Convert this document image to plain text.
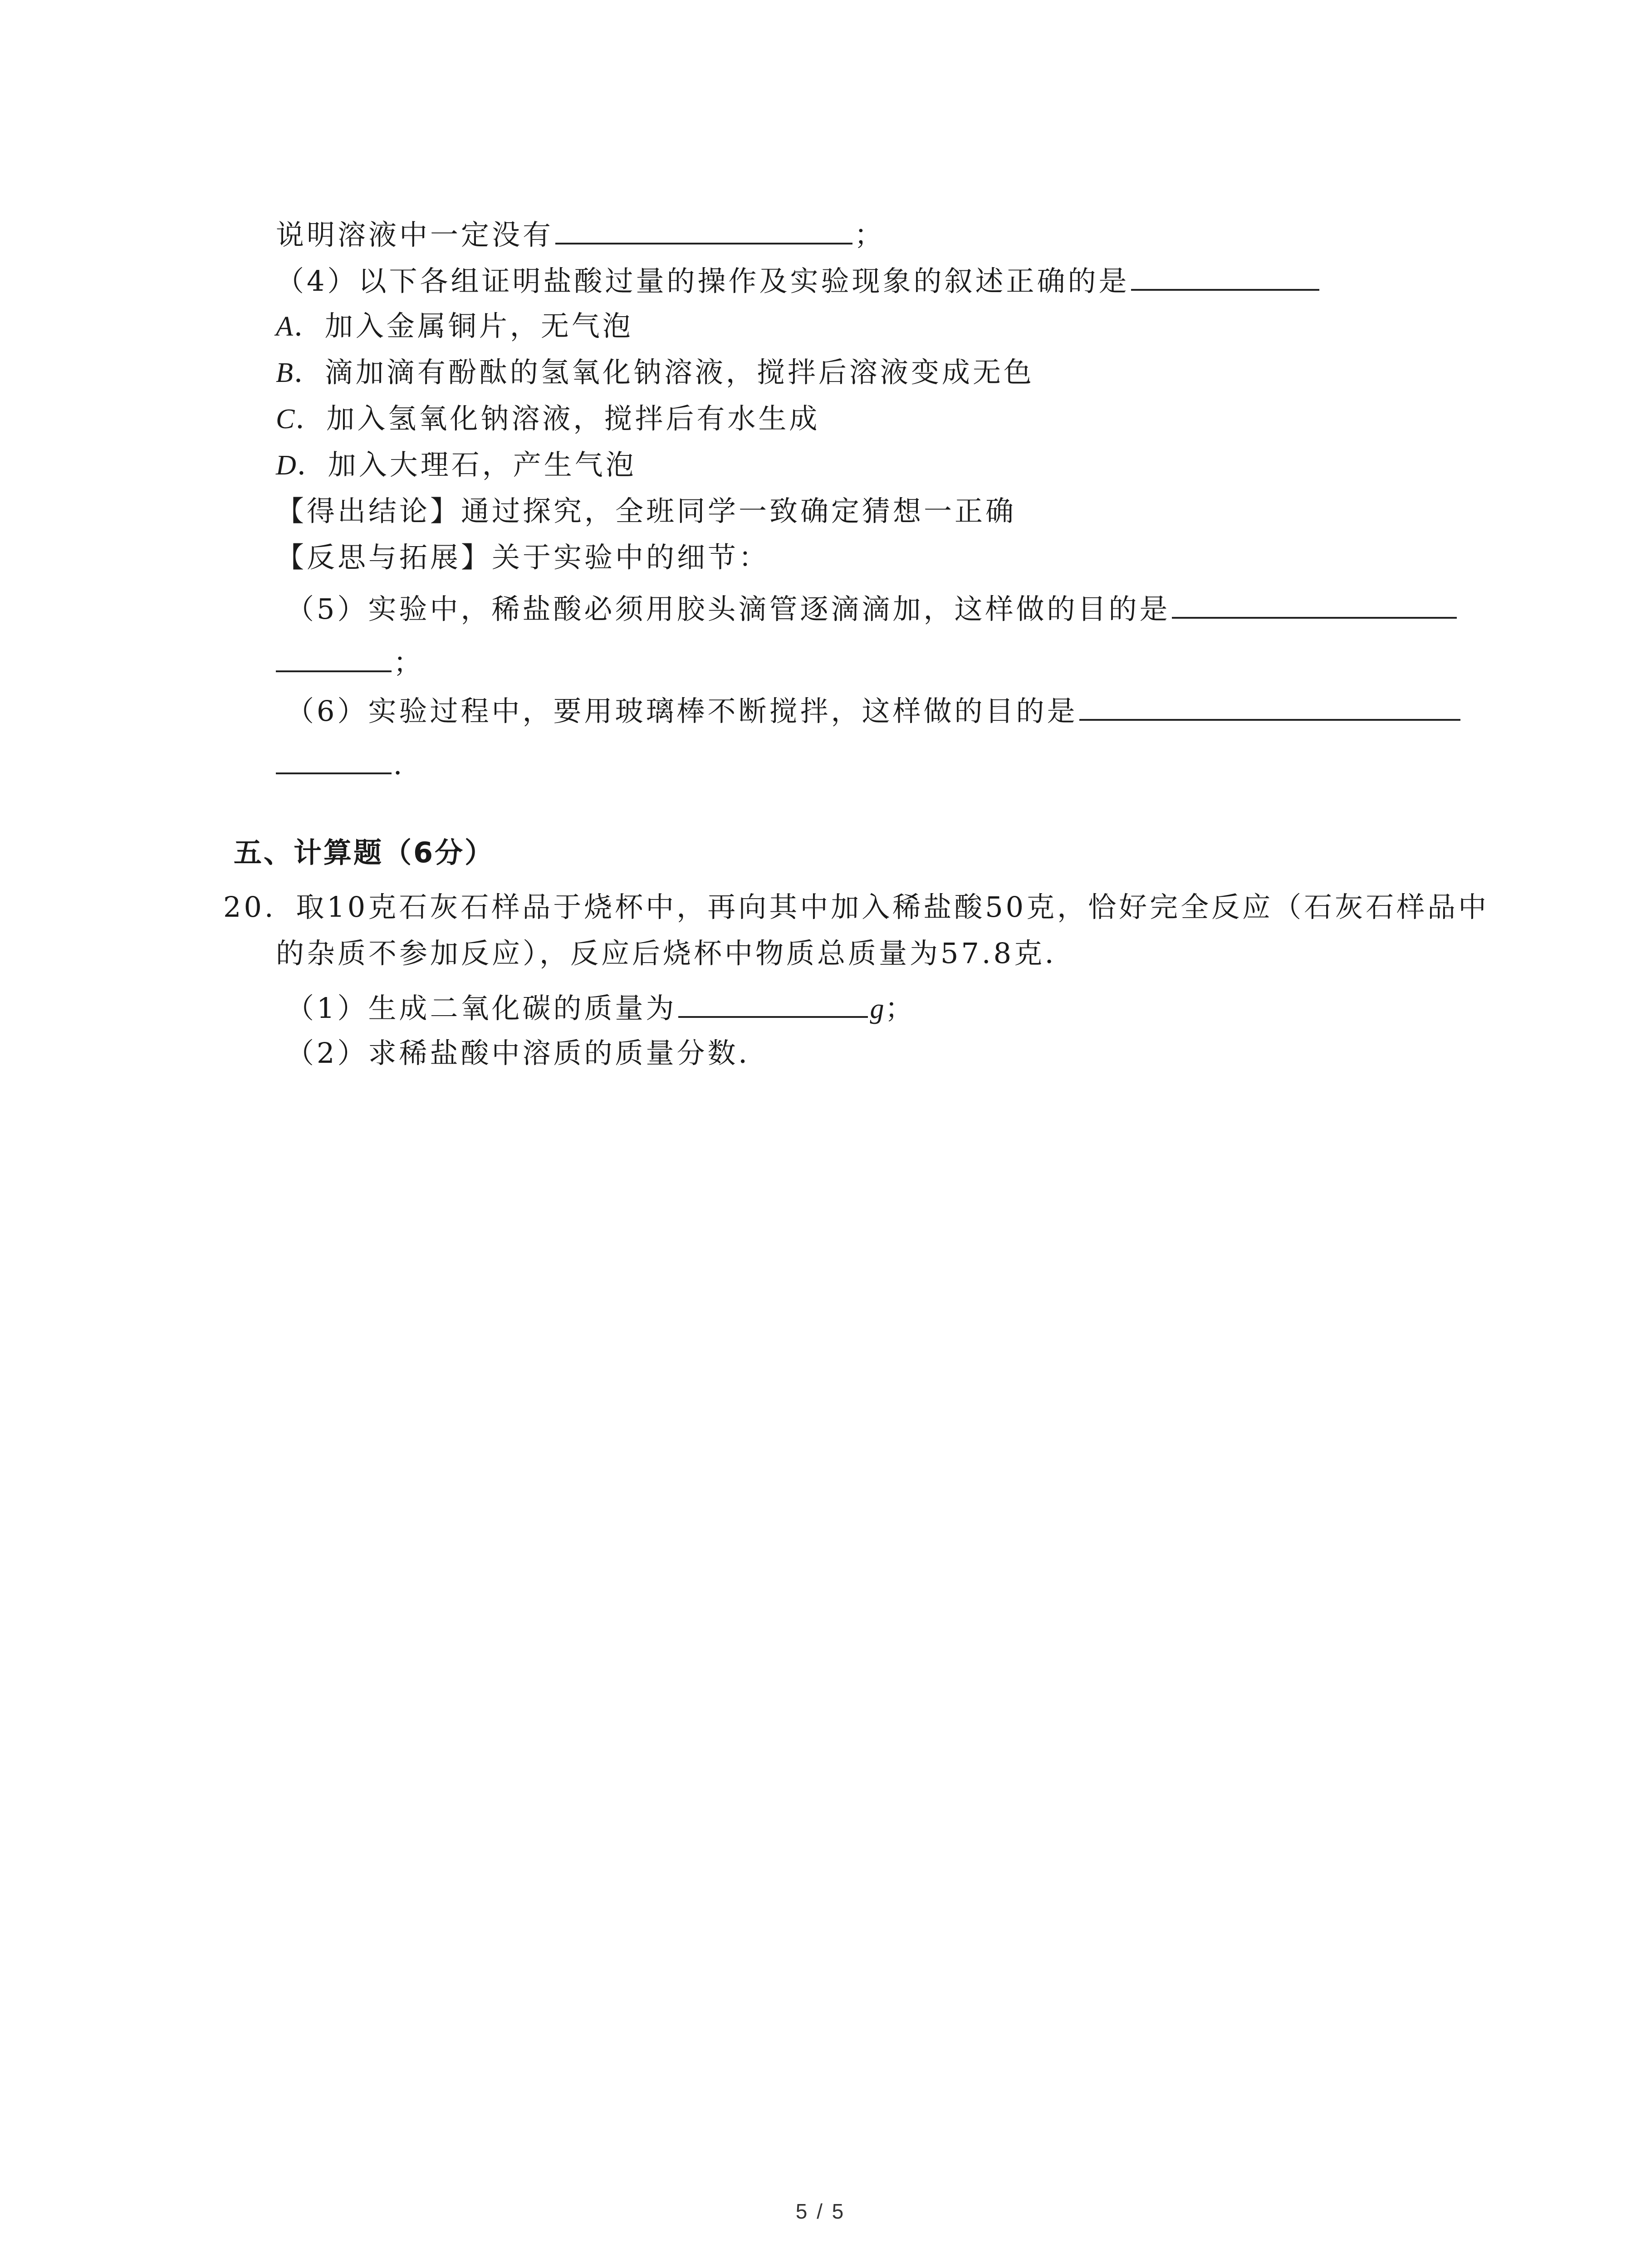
说明溶液中一定没有	；
（4）以下各组证明盐酸过量的操作及实验现象的叙述正确的是
A．加入金属铜片，无气泡
B．滴加滴有酚酞的氢氧化钠溶液，搅拌后溶液变成无色
C．加入氢氧化钠溶液，搅拌后有水生成
D．加入大理石，产生气泡
【得出结论】通过探究，全班同学一致确定猜想一正确
【反思与拓展】关于实验中的细节：
（5）实验中，稀盐酸必须用胶头滴管逐滴滴加，这样做的目的是
；
（6）实验过程中，要用玻璃棒不断搅拌，这样做的目的是
．
五、计算题（6分）
20. 取10克石灰石样品于烧杯中，再向其中加入稀盐酸50克，恰好完全反应（石灰石样品中
的杂质不参加反应），反应后烧杯中物质总质量为57.8克．
（1）生成二氧化碳的质量为	g；
（2）求稀盐酸中溶质的质量分数．
5 / 5
